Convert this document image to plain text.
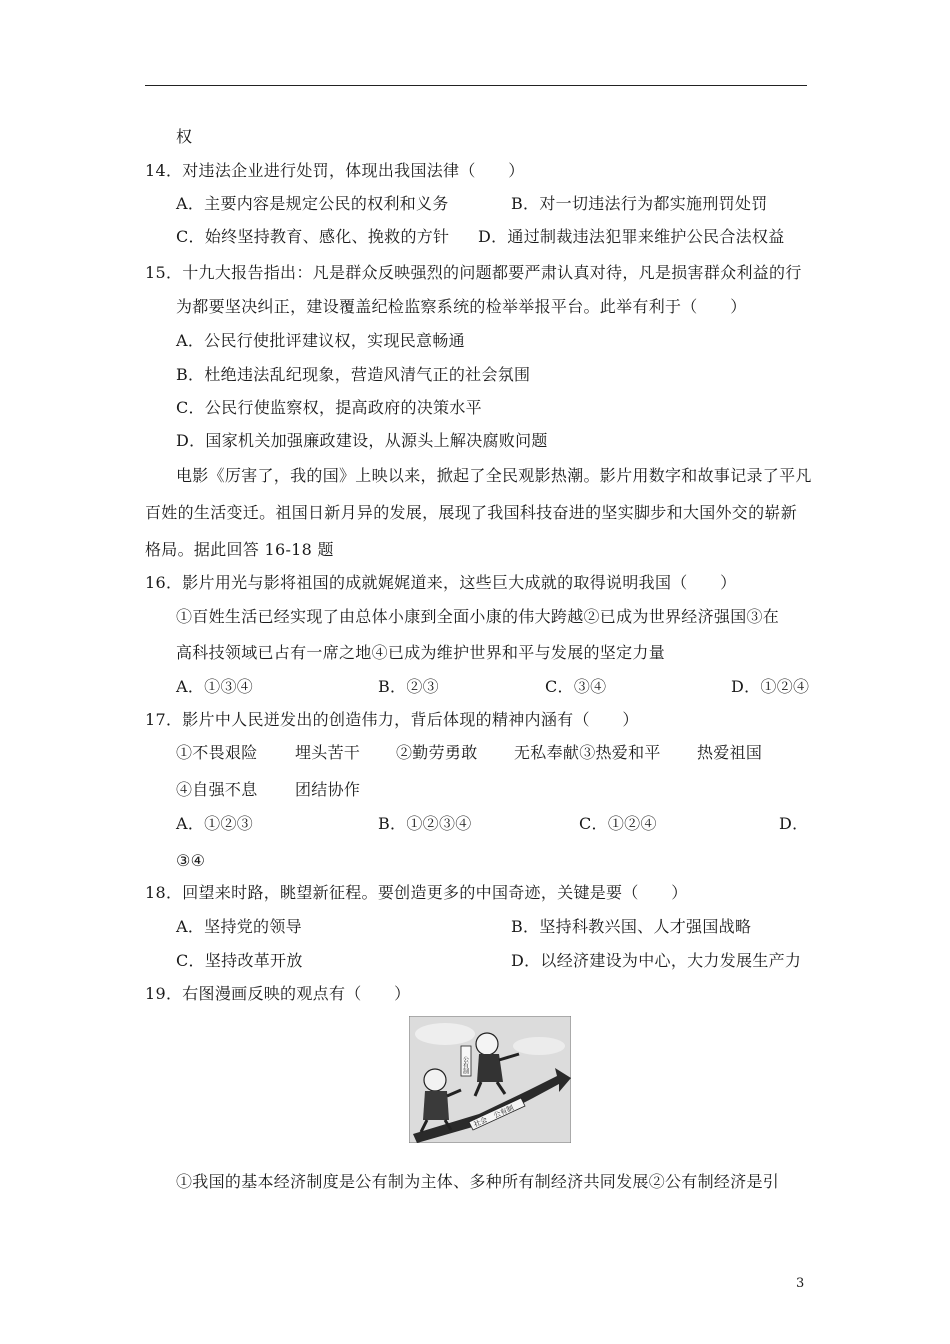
权
14．对违法企业进行处罚，体现出我国法律（　　）
A．主要内容是规定公民的权利和义务	B．对一切违法行为都实施刑罚处罚
C．始终坚持教育、感化、挽救的方针 D．通过制裁违法犯罪来维护公民合法权益
15．十九大报告指出：凡是群众反映强烈的问题都要严肃认真对待，凡是损害群众利益的行
为都要坚决纠正，建设覆盖纪检监察系统的检举举报平台。此举有利于（　　）
A．公民行使批评建议权，实现民意畅通
B．杜绝违法乱纪现象，营造风清气正的社会氛围
C．公民行使监察权，提高政府的决策水平
D．国家机关加强廉政建设，从源头上解决腐败问题
电影《厉害了，我的国》上映以来，掀起了全民观影热潮。影片用数字和故事记录了平凡
百姓的生活变迁。祖国日新月异的发展，展现了我国科技奋进的坚实脚步和大国外交的崭新
格局。据此回答 16-18 题
16．影片用光与影将祖国的成就娓娓道来，这些巨大成就的取得说明我国（　　）
①百姓生活已经实现了由总体小康到全面小康的伟大跨越②已成为世界经济强国③在
高科技领域已占有一席之地④已成为维护世界和平与发展的坚定力量
A．①③④	B．②③	C．③④	D．①②④
17．影片中人民迸发出的创造伟力，背后体现的精神内涵有（　　）
①不畏艰险 埋头苦干 ②勤劳勇敢 无私奉献③热爱和平 热爱祖国
④自强不息 团结协作
A．①②③	B．①②③④	C．①②④	D．
③④
18．回望来时路，眺望新征程。要创造更多的中国奇迹，关键是要（　　）
A．坚持党的领导	B．坚持科教兴国、人才强国战略
C．坚持改革开放	D．以经济建设为中心，大力发展生产力
19．右图漫画反映的观点有（　　）
社会
公有制
公有制
①我国的基本经济制度是公有制为主体、多种所有制经济共同发展②公有制经济是引
3
